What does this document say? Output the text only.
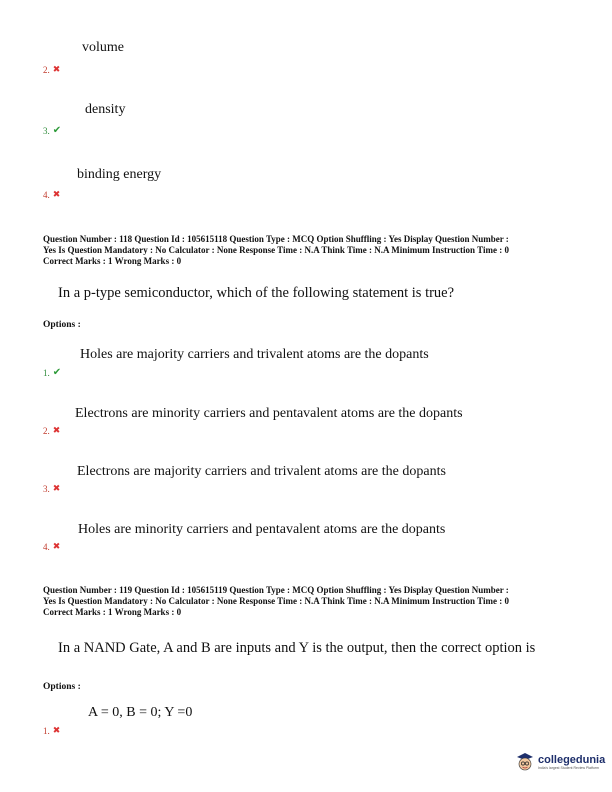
volume
2. ✖
density
3. ✔
binding energy
4. ✖
Question Number : 118 Question Id : 105615118 Question Type : MCQ Option Shuffling : Yes Display Question Number :
Yes Is Question Mandatory : No Calculator : None Response Time : N.A Think Time : N.A Minimum Instruction Time : 0
Correct Marks : 1 Wrong Marks : 0
In a p-type semiconductor, which of the following statement is true?
Options :
Holes are majority carriers and trivalent atoms are the dopants
1. ✔
Electrons are minority carriers and pentavalent atoms are the dopants
2. ✖
Electrons are majority carriers and trivalent atoms are the dopants
3. ✖
Holes are minority carriers and pentavalent atoms are the dopants
4. ✖
Question Number : 119 Question Id : 105615119 Question Type : MCQ Option Shuffling : Yes Display Question Number :
Yes Is Question Mandatory : No Calculator : None Response Time : N.A Think Time : N.A Minimum Instruction Time : 0
Correct Marks : 1 Wrong Marks : 0
In a NAND Gate, A and B are inputs and Y is the output, then the correct option is
Options :
A = 0, B = 0; Y =0
1. ✖
collegedunia
India's largest Student Review Platform
